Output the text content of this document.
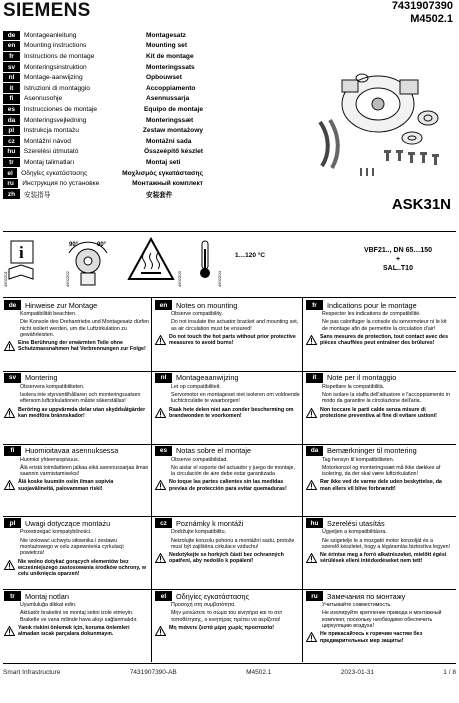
SIEMENS	7431907390
M4502.1
de	Montageanleitung	Montagesatz
en	Mounting instructions	Mounting set
fr	Instructions de montage	Kit de montage
sv	Monteringsinstruktion	Monteringssats
nl	Montage-aanwijzing	Opbouwset
it	Istruzioni di montaggio	Accoppiamento
fi	Asennusohje	Asennussarja
es	Instrucciones de montaje	Equipo de montaje
da	Monteringsvejledning	Monteringssæt
pl	Instrukcja montażu	Zestaw montażowy
cz	Montážní návod	Montážní sada
hu	Szerelési útmutató	Összeépítő készlet
tr	Montaj talimatları	Montaj seti
el	Οδηγίες εγκατάστασης	Μοχλισμός εγκατάστασης
ru	Инструкция по установке	Монтажный комплект
zh	安装指导	安装套件
ASK31N
i
4502Z01
90°	90°
4502Z02	4502Z03	4502Z04
1…120 °C
VBF21.., DN 65…150
+
SAL..T10
de	Hinweise zur Montage

Kompatibilität beachten.

Die Konsole des Drehantriebs und Montagesatz dürfen nicht isoliert werden, um die Luftzirkulation zu gewährleisten.

Eine Berührung der erwärmten Teile ohne Schutzmassnahmen hat Verbrennungen zur Folge!
en	Notes on mounting

Observe compatibility.

Do not insulate the actuator bracket and mounting set, as air circulation must be ensured!

Do not touch the hot parts without prior protective measures to avoid burns!
fr	Indications pour le montage

Respecter les indications de compatibilité.

Ne pas calorifuger la console du servomoteur ni le kit de montage afin de permettre la circulation d'air!

Sans mesures de protection, tout contact avec des pièces chauffées peut entraîner des brûlures!
sv	Montering

Observera kompatibiliteten.

Isolera inte styrventilhållaren och monteringssatsen eftersom luftcirkulationen måste säkerställas!

Beröring av uppvärmda delar utan skyddsåtgärder kan medföra brännskador!
nl	Montageaanwijzing

Let op compatibiliteit.

Servomotor en montageset niet isoleren om voldoende luchtcirculatie te waarborgen!

Raak hete delen niet aan zonder bescherming om brandwonden te voorkomen!
it	Note per il montaggio

Rispettare la compatibilità.

Non isolare la staffa dell'attuatore e l'accoppiamento in modo da garantire la circolazione dell'aria.

Non toccare le parti calde senza misure di protezione preventiva al fine di evitare ustioni!
fi	Huomioitavaa asennuksessa

Huomioi yhteensopivuus.

Älä eristä toimilaitteen jalkaa eikä asennussarjaa ilman saannin varmistamiseksi!

Älä koske kuumiin osiin ilman sopivia suojavälineitä, palovamman riski!
es	Notas sobre el montaje

Observe compatibilidad.

No aislar el soporte del actuador y juego de montaje, la circulación de aire debe estar garantizada

No toque las partes calientes sin las medidas previas de protección para evitar quemaduras!
da	Bemærkninger til montering

Tag hensyn til kompatibiliteten.

Motorkonsol og monteringssæt må ikke dækkes af isolering, da der skal være luftcirkulation!

Rør ikke ved de varme dele uden beskyttelse, da man ellers vil blive forbrændt!
pl	Uwagi dotyczące montażu

Przestrzegać kompatybilności.

Nie izolować uchwytu siłownika i zestawu montażowego w celu zapewnienia cyrkulacji powietrza!

Nie wolno dotykać gorących elementów bez wcześniejszego zastosowania środków ochrony, w celu uniknięcia oparzeń!
cz	Poznámky k montáži

Dodržujte kompatibilitu.

Neizolujte konzolu pohonu a montážní sadu, protože musí být zajištěna cirkulace vzduchu!

Nedotýkejte se horkých částí bez ochranných opatření, aby nedošlo k popálení!
hu	Szerelési utasítás

Ügyeljen a kompatibilitásra.

Ne szigetelje le a mozgató motor konzolját és a szerelő készletet, hogy a légáramlás biztosítva legyen!

Ne érintse meg a forró alkatrészeket, mielőtt égési sérülések elleni intézkedéseket nem tett!
tr	Montaj notları

Uyumluluğa dikkat edin.

Aktüatör braketini ve montaj setini izole etmeyin. Braketle ve vana milinde hava akışı sağlanmalıdır.

Yanık riskini önlemek için, koruma önlemleri almadan sıcak parçalara dokunmayın.
el	Οδηγίες εγκατάστασης

Προσοχή στη συμβατότητα.

Μην μονώσετε το σώμα του κινητήρα και το σετ τοποθέτησης, ο κινητήρας πρέπει να αερίζεται!

Μη πιάνετε ζεστά μέρη χωρίς προστασία!
ru	Замечания по монтажу

Учитывайте совместимость.

Не изолируйте крепление привода и монтажный комплект, поскольку необходимо обеспечить циркуляцию воздуха!

Не прикасайтесь к горячим частям без предварительных мер защиты!
Smart Infrastructure	7431907390-AB	M4502.1	2023-01-31	1 / 8
